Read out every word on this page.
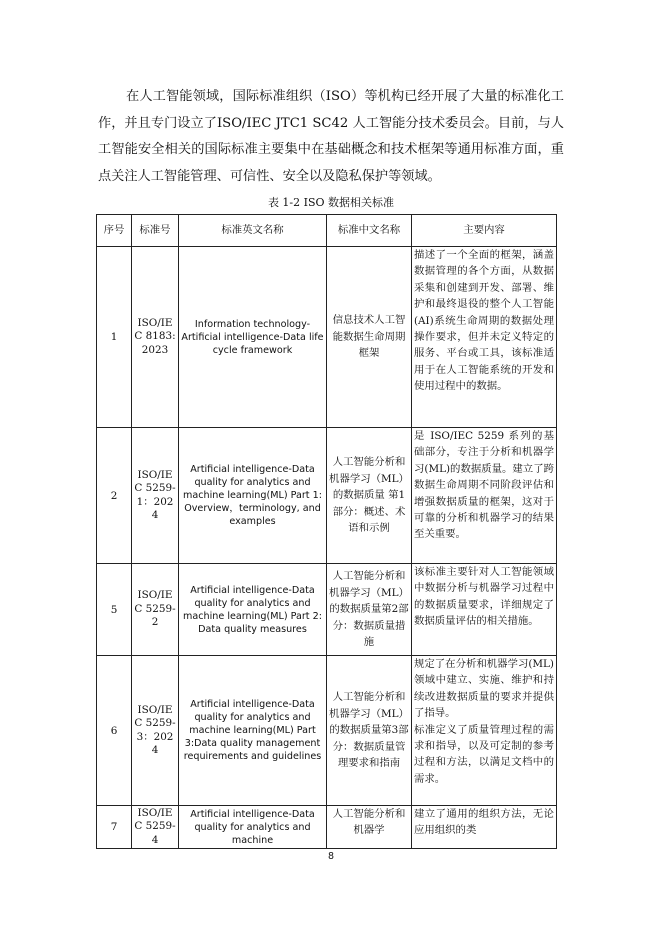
在人工智能领域，国际标准组织（ISO）等机构已经开展了大量的标准化工作，并且专门设立了ISO/IEC JTC1 SC42 人工智能分技术委员会。目前，与人工智能安全相关的国际标准主要集中在基础概念和技术框架等通用标准方面，重点关注人工智能管理、可信性、安全以及隐私保护等领域。

表 1-2 ISO 数据相关标准
序号	标准号	标准英文名称	标准中文名称	主要内容
1	ISO/IEC 8183:2023	Information technology-Artificial intelligence-Data life cycle framework	信息技术人工智能数据生命周期框架	描述了一个全面的框架，涵盖数据管理的各个方面，从数据采集和创建到开发、部署、维护和最终退役的整个人工智能(AI)系统生命周期的数据处理操作要求，但并未定义特定的服务、平台或工具，该标准适用于在人工智能系统的开发和使用过程中的数据。
2	ISO/IEC 5259-1：2024	Artificial intelligence-Data quality for analytics and machine learning(ML) Part 1: Overview，terminology, and examples	人工智能分析和机器学习（ML）的数据质量 第1部分：概述、术语和示例	是 ISO/IEC 5259 系列的基础部分，专注于分析和机器学习(ML)的数据质量。建立了跨数据生命周期不同阶段评估和增强数据质量的框架，这对于可靠的分析和机器学习的结果至关重要。
5	ISO/IEC 5259-2	Artificial intelligence-Data quality for analytics and machine learning(ML) Part 2: Data quality measures	人工智能分析和机器学习（ML）的数据质量第2部分：数据质量措施	该标准主要针对人工智能领域中数据分析与机器学习过程中的数据质量要求，详细规定了数据质量评估的相关措施。
6	ISO/IEC 5259-3：2024	Artificial intelligence-Data quality for analytics and machine learning(ML) Part 3:Data quality management requirements and guidelines	人工智能分析和机器学习（ML）的数据质量第3部分：数据质量管理要求和指南	规定了在分析和机器学习(ML)领域中建立、实施、维护和持续改进数据质量的要求并提供了指导。
标准定义了质量管理过程的需求和指导，以及可定制的参考过程和方法，以满足文档中的需求。
7	ISO/IEC 5259-4	Artificial intelligence-Data quality for analytics and machine	人工智能分析和机器学	建立了通用的组织方法，无论应用组织的类
8
